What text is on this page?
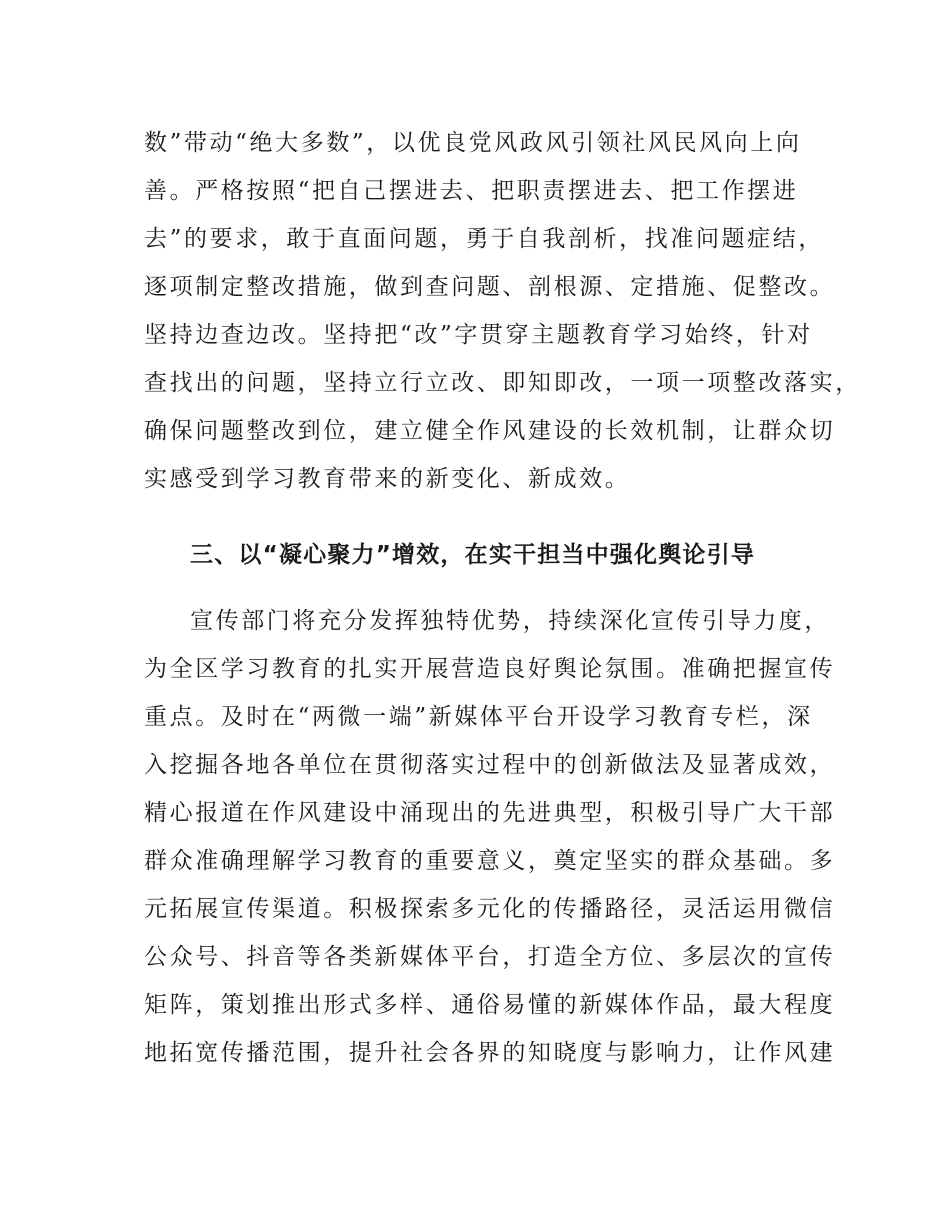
数”带动“绝大多数”，以优良党风政风引领社风民风向上向
善。严格按照“把自己摆进去、把职责摆进去、把工作摆进
去”的要求，敢于直面问题，勇于自我剖析，找准问题症结，
逐项制定整改措施，做到查问题、剖根源、定措施、促整改。
坚持边查边改。坚持把“改”字贯穿主题教育学习始终，针对
查找出的问题，坚持立行立改、即知即改，一项一项整改落实，
确保问题整改到位，建立健全作风建设的长效机制，让群众切
实感受到学习教育带来的新变化、新成效。
三、以“凝心聚力”增效，在实干担当中强化舆论引导
宣传部门将充分发挥独特优势，持续深化宣传引导力度，
为全区学习教育的扎实开展营造良好舆论氛围。准确把握宣传
重点。及时在“两微一端”新媒体平台开设学习教育专栏，深
入挖掘各地各单位在贯彻落实过程中的创新做法及显著成效，
精心报道在作风建设中涌现出的先进典型，积极引导广大干部
群众准确理解学习教育的重要意义，奠定坚实的群众基础。多
元拓展宣传渠道。积极探索多元化的传播路径，灵活运用微信
公众号、抖音等各类新媒体平台，打造全方位、多层次的宣传
矩阵，策划推出形式多样、通俗易懂的新媒体作品，最大程度
地拓宽传播范围，提升社会各界的知晓度与影响力，让作风建
